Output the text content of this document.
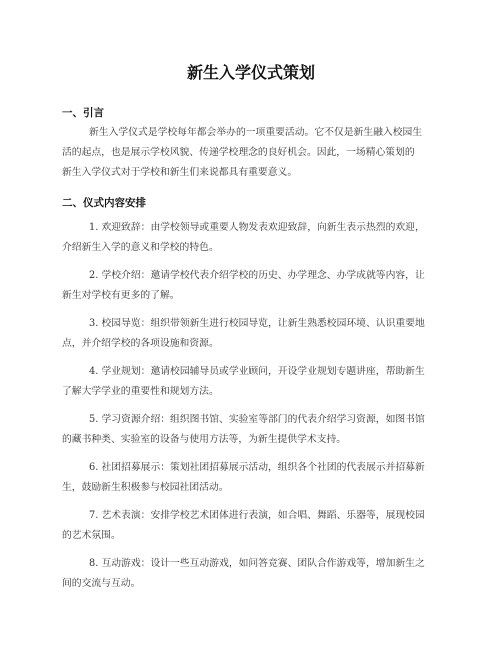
新生入学仪式策划
一、引言

新生入学仪式是学校每年都会举办的一项重要活动。它不仅是新生融入校园生
活的起点，也是展示学校风貌、传递学校理念的良好机会。因此，一场精心策划的
新生入学仪式对于学校和新生们来说都具有重要意义。

二、仪式内容安排

1. 欢迎致辞：由学校领导或重要人物发表欢迎致辞，向新生表示热烈的欢迎，
介绍新生入学的意义和学校的特色。

2. 学校介绍：邀请学校代表介绍学校的历史、办学理念、办学成就等内容，让
新生对学校有更多的了解。

3. 校园导览：组织带领新生进行校园导览，让新生熟悉校园环境、认识重要地
点，并介绍学校的各项设施和资源。

4. 学业规划：邀请校园辅导员或学业顾问，开设学业规划专题讲座，帮助新生
了解大学学业的重要性和规划方法。

5. 学习资源介绍：组织图书馆、实验室等部门的代表介绍学习资源，如图书馆
的藏书种类、实验室的设备与使用方法等，为新生提供学术支持。

6. 社团招募展示：策划社团招募展示活动，组织各个社团的代表展示并招募新
生，鼓励新生积极参与校园社团活动。

7. 艺术表演：安排学校艺术团体进行表演，如合唱、舞蹈、乐器等，展现校园
的艺术氛围。

8. 互动游戏：设计一些互动游戏，如问答竞赛、团队合作游戏等，增加新生之
间的交流与互动。
